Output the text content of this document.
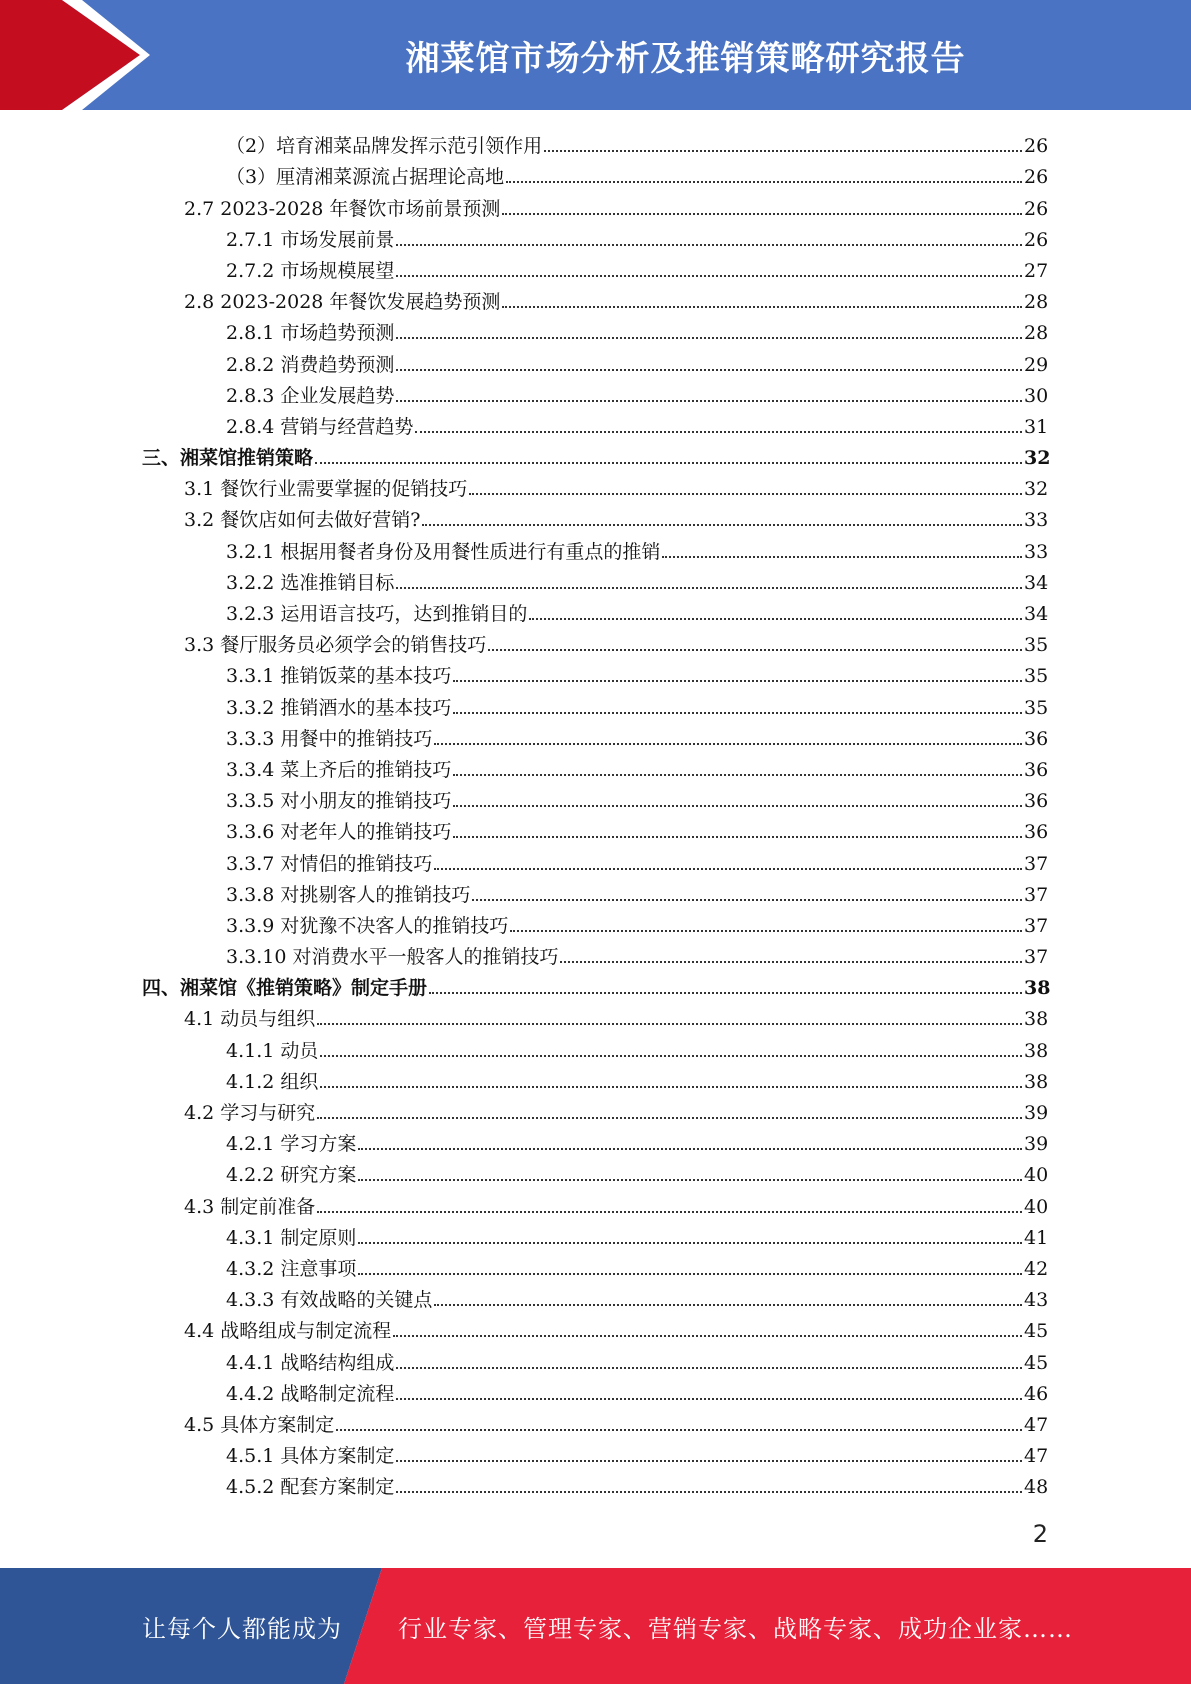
湘菜馆市场分析及推销策略研究报告
（2）培育湘菜品牌发挥示范引领作用	26
（3）厘清湘菜源流占据理论高地	26
2.7 2023-2028 年餐饮市场前景预测	26
2.7.1 市场发展前景	26
2.7.2 市场规模展望	27
2.8 2023-2028 年餐饮发展趋势预测	28
2.8.1 市场趋势预测	28
2.8.2 消费趋势预测	29
2.8.3 企业发展趋势	30
2.8.4 营销与经营趋势	31
三、湘菜馆推销策略	32
3.1 餐饮行业需要掌握的促销技巧	32
3.2 餐饮店如何去做好营销?	33
3.2.1 根据用餐者身份及用餐性质进行有重点的推销	33
3.2.2 选准推销目标	34
3.2.3 运用语言技巧，达到推销目的	34
3.3 餐厅服务员必须学会的销售技巧	35
3.3.1 推销饭菜的基本技巧	35
3.3.2 推销酒水的基本技巧	35
3.3.3 用餐中的推销技巧	36
3.3.4 菜上齐后的推销技巧	36
3.3.5 对小朋友的推销技巧	36
3.3.6 对老年人的推销技巧	36
3.3.7 对情侣的推销技巧	37
3.3.8 对挑剔客人的推销技巧	37
3.3.9 对犹豫不决客人的推销技巧	37
3.3.10 对消费水平一般客人的推销技巧	37
四、湘菜馆《推销策略》制定手册	38
4.1 动员与组织	38
4.1.1 动员	38
4.1.2 组织	38
4.2 学习与研究	39
4.2.1 学习方案	39
4.2.2 研究方案	40
4.3 制定前准备	40
4.3.1 制定原则	41
4.3.2 注意事项	42
4.3.3 有效战略的关键点	43
4.4 战略组成与制定流程	45
4.4.1 战略结构组成	45
4.4.2 战略制定流程	46
4.5 具体方案制定	47
4.5.1 具体方案制定	47
4.5.2 配套方案制定	48
2
让每个人都能成为 行业专家、管理专家、营销专家、战略专家、成功企业家……
